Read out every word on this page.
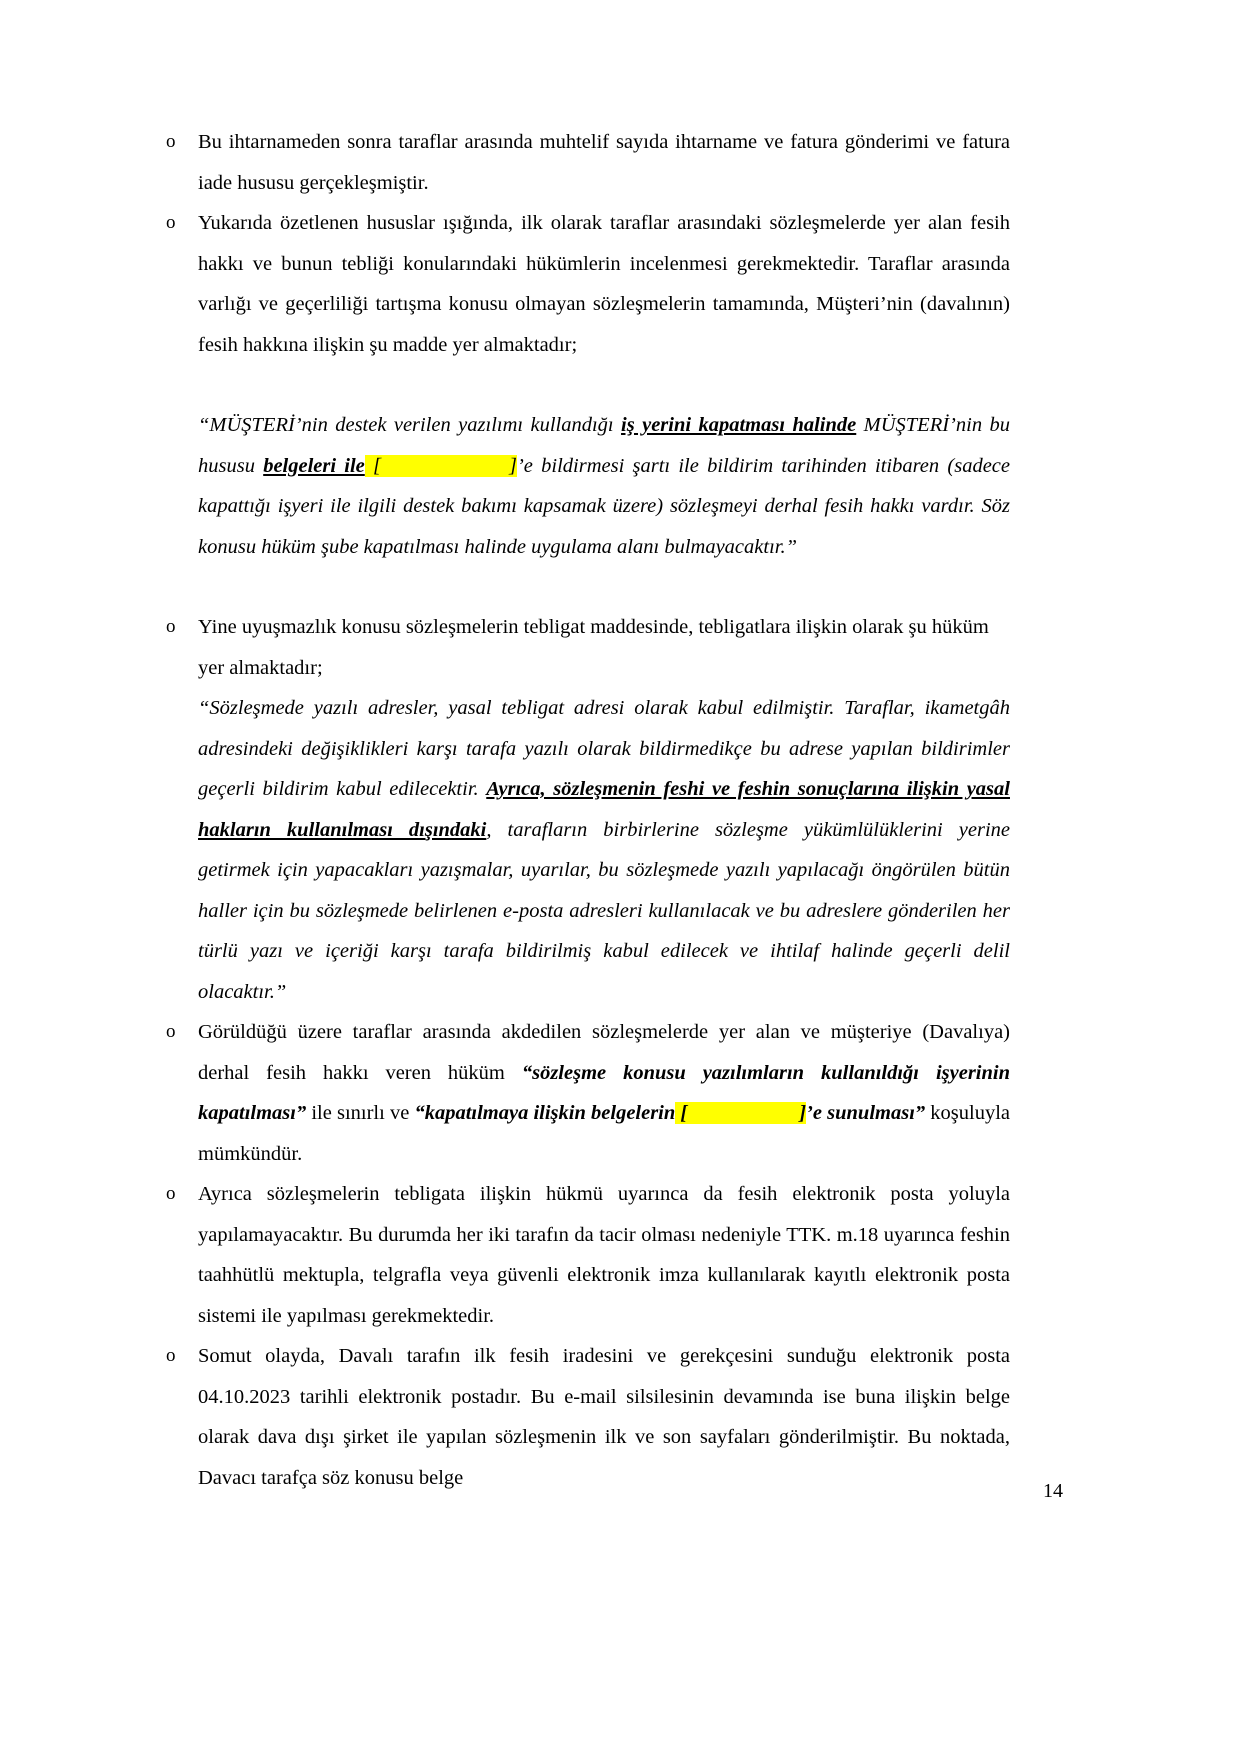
o Bu ihtarnameden sonra taraflar arasında muhtelif sayıda ihtarname ve fatura gönderimi ve fatura iade hususu gerçekleşmiştir.

o Yukarıda özetlenen hususlar ışığında, ilk olarak taraflar arasındaki sözleşmelerde yer alan fesih hakkı ve bunun tebliği konularındaki hükümlerin incelenmesi gerekmektedir. Taraflar arasında varlığı ve geçerliliği tartışma konusu olmayan sözleşmelerin tamamında, Müşteri’nin (davalının) fesih hakkına ilişkin şu madde yer almaktadır;

“MÜŞTERİ’nin destek verilen yazılımı kullandığı iş yerini kapatması halinde MÜŞTERİ’nin bu hususu belgeleri ile [	]’e bildirmesi şartı ile bildirim tarihinden itibaren (sadece kapattığı işyeri ile ilgili destek bakımı kapsamak üzere) sözleşmeyi derhal fesih hakkı vardır. Söz konusu hüküm şube kapatılması halinde uygulama alanı bulmayacaktır.”

o Yine uyuşmazlık konusu sözleşmelerin tebligat maddesinde, tebligatlara ilişkin olarak şu hüküm yer almaktadır;

“Sözleşmede yazılı adresler, yasal tebligat adresi olarak kabul edilmiştir. Taraflar, ikametgâh adresindeki değişiklikleri karşı tarafa yazılı olarak bildirmedikçe bu adrese yapılan bildirimler geçerli bildirim kabul edilecektir. Ayrıca, sözleşmenin feshi ve feshin sonuçlarına ilişkin yasal hakların kullanılması dışındaki, tarafların birbirlerine sözleşme yükümlülüklerini yerine getirmek için yapacakları yazışmalar, uyarılar, bu sözleşmede yazılı yapılacağı öngörülen bütün haller için bu sözleşmede belirlenen e-posta adresleri kullanılacak ve bu adreslere gönderilen her türlü yazı ve içeriği karşı tarafa bildirilmiş kabul edilecek ve ihtilaf halinde geçerli delil olacaktır.”

o Görüldüğü üzere taraflar arasında akdedilen sözleşmelerde yer alan ve müşteriye (Davalıya) derhal fesih hakkı veren hüküm “sözleşme konusu yazılımların kullanıldığı işyerinin kapatılması” ile sınırlı ve “kapatılmaya ilişkin belgelerin [	]’e sunulması” koşuluyla mümkündür.

o Ayrıca sözleşmelerin tebligata ilişkin hükmü uyarınca da fesih elektronik posta yoluyla yapılamayacaktır. Bu durumda her iki tarafın da tacir olması nedeniyle TTK. m.18 uyarınca feshin taahhütlü mektupla, telgrafla veya güvenli elektronik imza kullanılarak kayıtlı elektronik posta sistemi ile yapılması gerekmektedir.

o Somut olayda, Davalı tarafın ilk fesih iradesini ve gerekçesini sunduğu elektronik posta 04.10.2023 tarihli elektronik postadır. Bu e-mail silsilesinin devamında ise buna ilişkin belge olarak dava dışı şirket ile yapılan sözleşmenin ilk ve son sayfaları gönderilmiştir. Bu noktada, Davacı tarafça söz konusu belge

14
